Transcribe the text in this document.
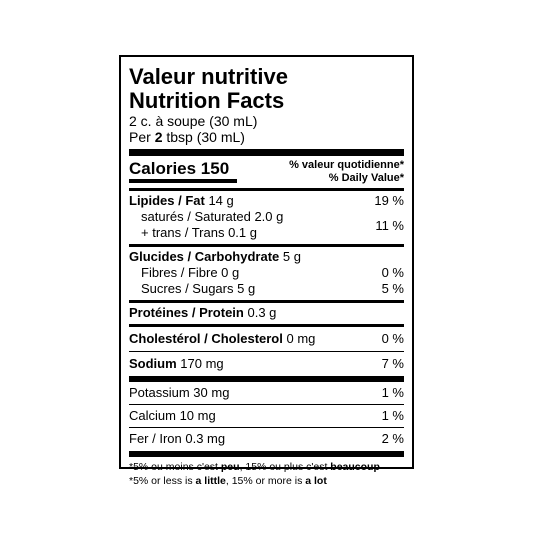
Valeur nutritive
Nutrition Facts
2 c. à soupe (30 mL)
Per 2 tbsp (30 mL)
Calories 150	% valeur quotidienne*
% Daily Value*
Lipides / Fat 14 g	19 %
saturés / Saturated 2.0 g
+ trans / Trans 0.1 g	11 %
Glucides / Carbohydrate 5 g
Fibres / Fibre 0 g	0 %
Sucres / Sugars 5 g	5 %
Protéines / Protein 0.3 g
Cholestérol / Cholesterol 0 mg	0 %
Sodium 170 mg	7 %
Potassium 30 mg	1 %
Calcium 10 mg	1 %
Fer / Iron 0.3 mg	2 %
*5% ou moins c'est peu, 15% ou plus c'est beaucoup
*5% or less is a little, 15% or more is a lot
